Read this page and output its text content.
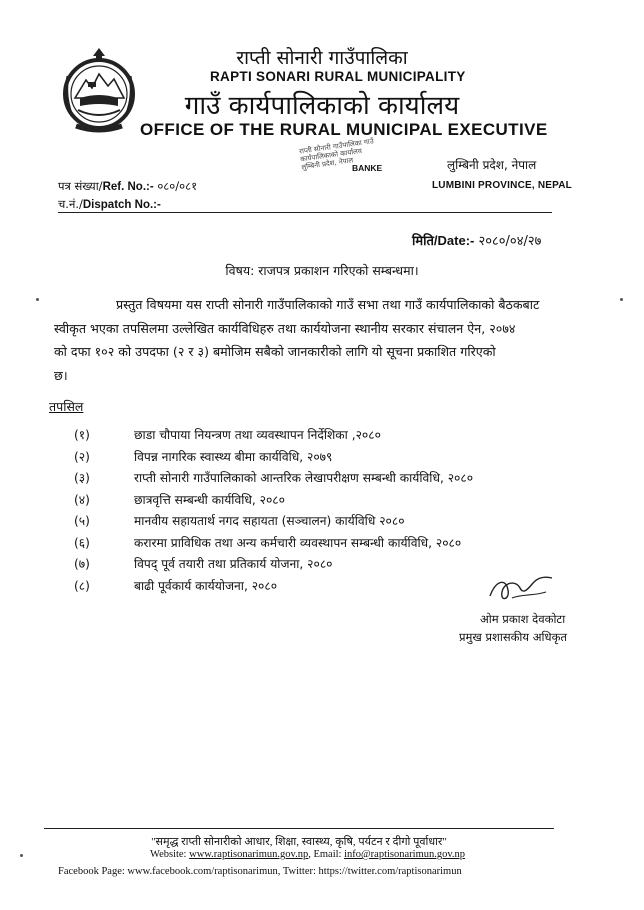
राप्ती सोनारी गाउँपालिका
RAPTI SONARI RURAL MUNICIPALITY
गाउँ कार्यपालिकाको कार्यालय
OFFICE OF THE RURAL MUNICIPAL EXECUTIVE
राप्ती सोनारी गाउँपालिका गाउँ कार्यपालिकाको कार्यालय लुम्बिनी प्रदेश, नेपाल
BANKE	लुम्बिनी प्रदेश, नेपाल
LUMBINI PROVINCE, NEPAL
पत्र संख्या/Ref. No.:- ०८०/०८१
च.नं./Dispatch No.:-
मिति/Date:- २०८०/०४/२७
विषय: राजपत्र प्रकाशन गरिएको सम्बन्धमा।
प्रस्तुत विषयमा यस राप्ती सोनारी गाउँपालिकाको गाउँ सभा तथा गाउँ कार्यपालिकाको बैठकबाट
स्वीकृत भएका तपसिलमा उल्लेखित कार्यविधिहरु तथा कार्ययोजना स्थानीय सरकार संचालन ऐन, २०७४
को दफा १०२ को उपदफा (२ र ३) बमोजिम सबैको जानकारीको लागि यो सूचना प्रकाशित गरिएको
छ।
तपसिल
(१)	छाडा चौपाया नियन्त्रण तथा व्यवस्थापन निर्देशिका ,२०८०
(२)	विपन्न नागरिक स्वास्थ्य बीमा कार्यविधि, २०७९
(३)	राप्ती सोनारी गाउँपालिकाको आन्तरिक लेखापरीक्षण सम्बन्धी कार्यविधि, २०८०
(४)	छात्रवृत्ति सम्बन्धी कार्यविधि, २०८०
(५)	मानवीय सहायतार्थ नगद सहायता (सञ्चालन) कार्यविधि २०८०
(६)	करारमा प्राविधिक तथा अन्य कर्मचारी व्यवस्थापन सम्बन्धी कार्यविधि, २०८०
(७)	विपद् पूर्व तयारी तथा प्रतिकार्य योजना, २०८०
(८)	बाढी पूर्वकार्य कार्ययोजना, २०८०
ओम प्रकाश देवकोटा
प्रमुख प्रशासकीय अधिकृत
"समृद्ध राप्ती सोनारीको आधार, शिक्षा, स्वास्थ्य, कृषि, पर्यटन र दीगो पूर्वाधार"
Website: www.raptisonarimun.gov.np, Email: info@raptisonarimun.gov.np
Facebook Page: www.facebook.com/raptisonarimun, Twitter: https://twitter.com/raptisonarimun
